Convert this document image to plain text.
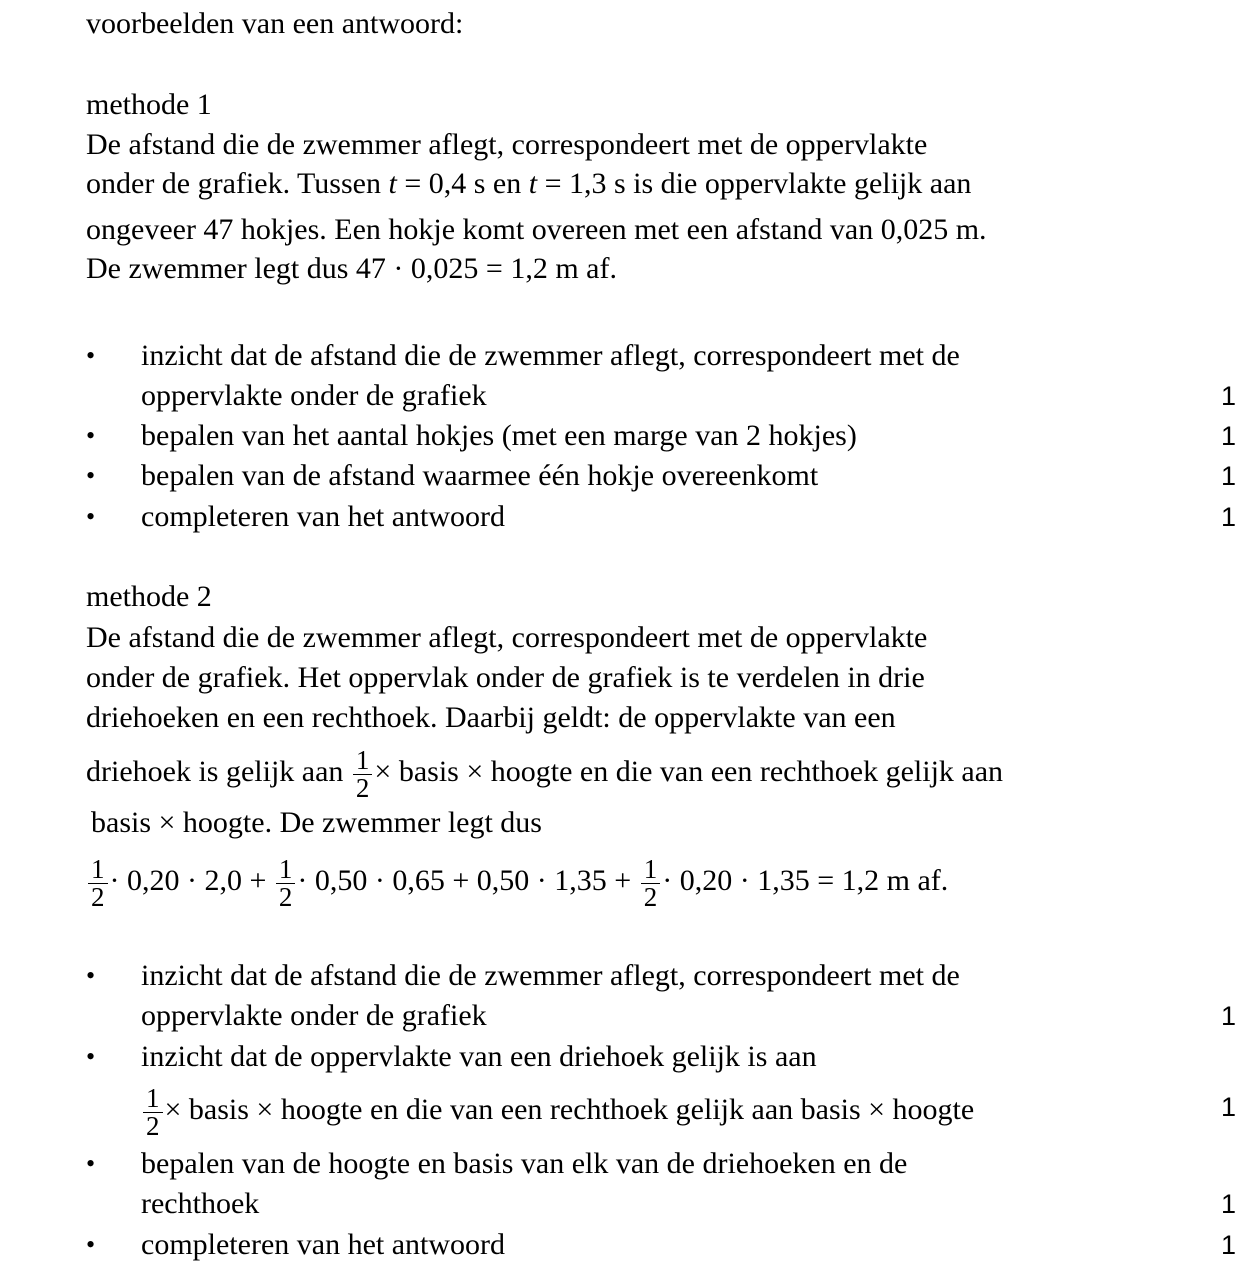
voorbeelden van een antwoord:
methode 1
De afstand die de zwemmer aflegt, correspondeert met de oppervlakte
onder de grafiek. Tussen t = 0,4 s en t = 1,3 s is die oppervlakte gelijk aan
ongeveer 47 hokjes. Een hokje komt overeen met een afstand van 0,025 m.
De zwemmer legt dus 47 · 0,025 = 1,2 m af.
•	inzicht dat de afstand die de zwemmer aflegt, correspondeert met de
oppervlakte onder de grafiek	1
•	bepalen van het aantal hokjes (met een marge van 2 hokjes)	1
•	bepalen van de afstand waarmee één hokje overeenkomt	1
•	completeren van het antwoord	1
methode 2
De afstand die de zwemmer aflegt, correspondeert met de oppervlakte
onder de grafiek. Het oppervlak onder de grafiek is te verdelen in drie
driehoeken en een rechthoek. Daarbij geldt: de oppervlakte van een
driehoek is gelijk aan $\frac{1}{2}$ × basis × hoogte en die van een rechthoek gelijk aan
basis × hoogte. De zwemmer legt dus
$\frac{1}{2} \cdot 0,20 \cdot 2,0 + \frac{1}{2} \cdot 0,50 \cdot 0,65 + 0,50 \cdot 1,35 + \frac{1}{2} \cdot 0,20 \cdot 1,35 = 1,2$ m af.
•	inzicht dat de afstand die de zwemmer aflegt, correspondeert met de
oppervlakte onder de grafiek	1
•	inzicht dat de oppervlakte van een driehoek gelijk is aan
$\frac{1}{2}$ × basis × hoogte en die van een rechthoek gelijk aan basis × hoogte	1
•	bepalen van de hoogte en basis van elk van de driehoeken en de
rechthoek	1
•	completeren van het antwoord	1
